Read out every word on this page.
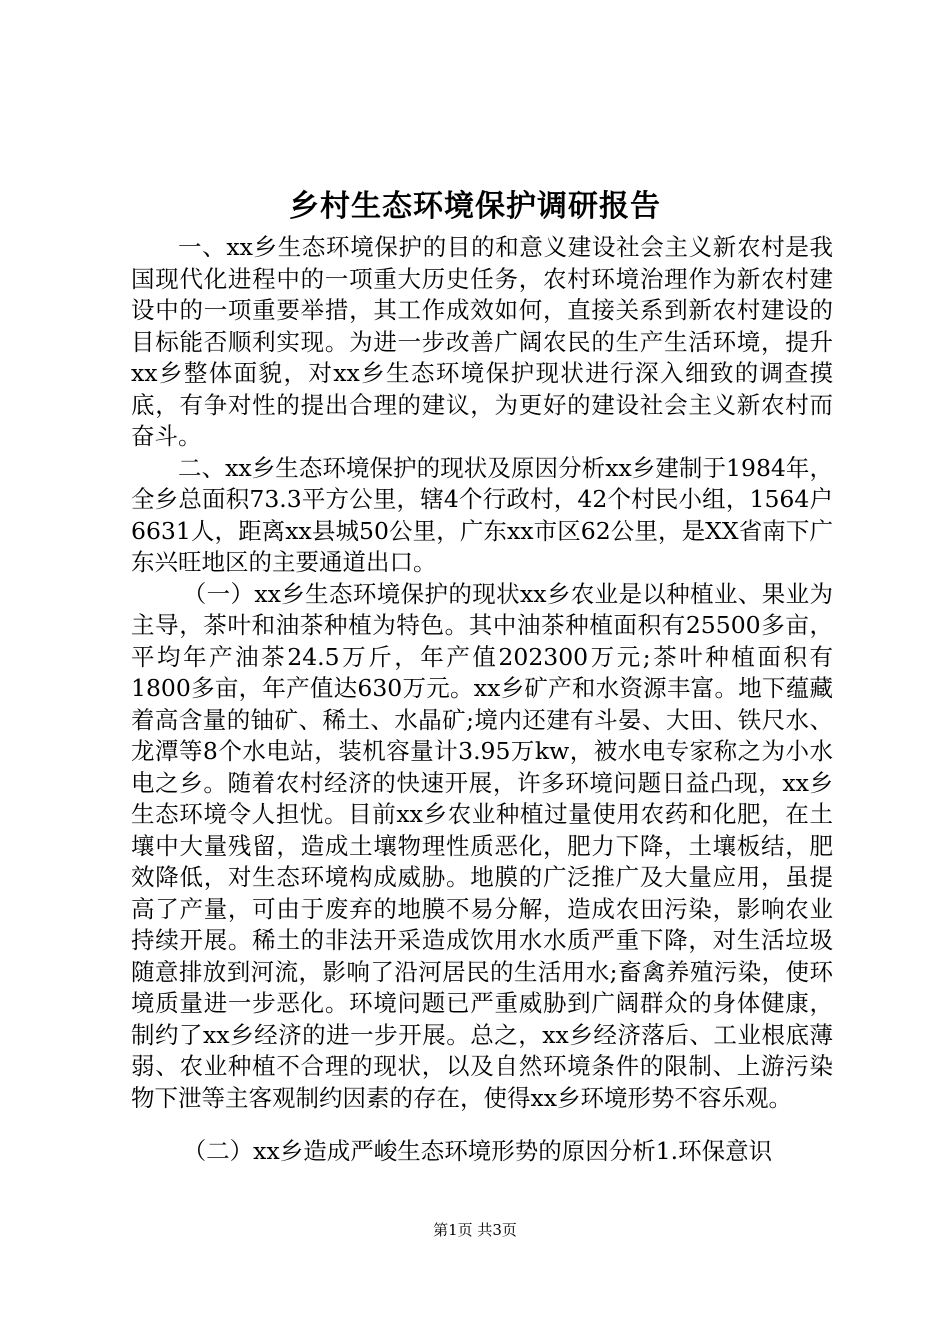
乡村生态环境保护调研报告

一、xx乡生态环境保护的目的和意义建设社会主义新农村是我国现代化进程中的一项重大历史任务，农村环境治理作为新农村建设中的一项重要举措，其工作成效如何，直接关系到新农村建设的目标能否顺利实现。为进一步改善广阔农民的生产生活环境，提升xx乡整体面貌，对xx乡生态环境保护现状进行深入细致的调查摸底，有争对性的提出合理的建议，为更好的建设社会主义新农村而奋斗。

二、xx乡生态环境保护的现状及原因分析xx乡建制于1984年，全乡总面积73.3平方公里，辖4个行政村，42个村民小组，1564户6631人，距离xx县城50公里，广东xx市区62公里，是XX省南下广东兴旺地区的主要通道出口。

（一）xx乡生态环境保护的现状xx乡农业是以种植业、果业为主导，茶叶和油茶种植为特色。其中油茶种植面积有25500多亩，平均年产油茶24.5万斤，年产值202300万元;茶叶种植面积有1800多亩，年产值达630万元。xx乡矿产和水资源丰富。地下蕴藏着高含量的铀矿、稀土、水晶矿;境内还建有斗晏、大田、铁尺水、龙潭等8个水电站，装机容量计3.95万kw，被水电专家称之为小水电之乡。随着农村经济的快速开展，许多环境问题日益凸现，xx乡生态环境令人担忧。目前xx乡农业种植过量使用农药和化肥，在土壤中大量残留，造成土壤物理性质恶化，肥力下降，土壤板结，肥效降低，对生态环境构成威胁。地膜的广泛推广及大量应用，虽提高了产量，可由于废弃的地膜不易分解，造成农田污染，影响农业持续开展。稀土的非法开采造成饮用水水质严重下降，对生活垃圾随意排放到河流，影响了沿河居民的生活用水;畜禽养殖污染，使环境质量进一步恶化。环境问题已严重威胁到广阔群众的身体健康，制约了xx乡经济的进一步开展。总之，xx乡经济落后、工业根底薄弱、农业种植不合理的现状，以及自然环境条件的限制、上游污染物下泄等主客观制约因素的存在，使得xx乡环境形势不容乐观。

（二）xx乡造成严峻生态环境形势的原因分析1.环保意识

第1页 共3页
